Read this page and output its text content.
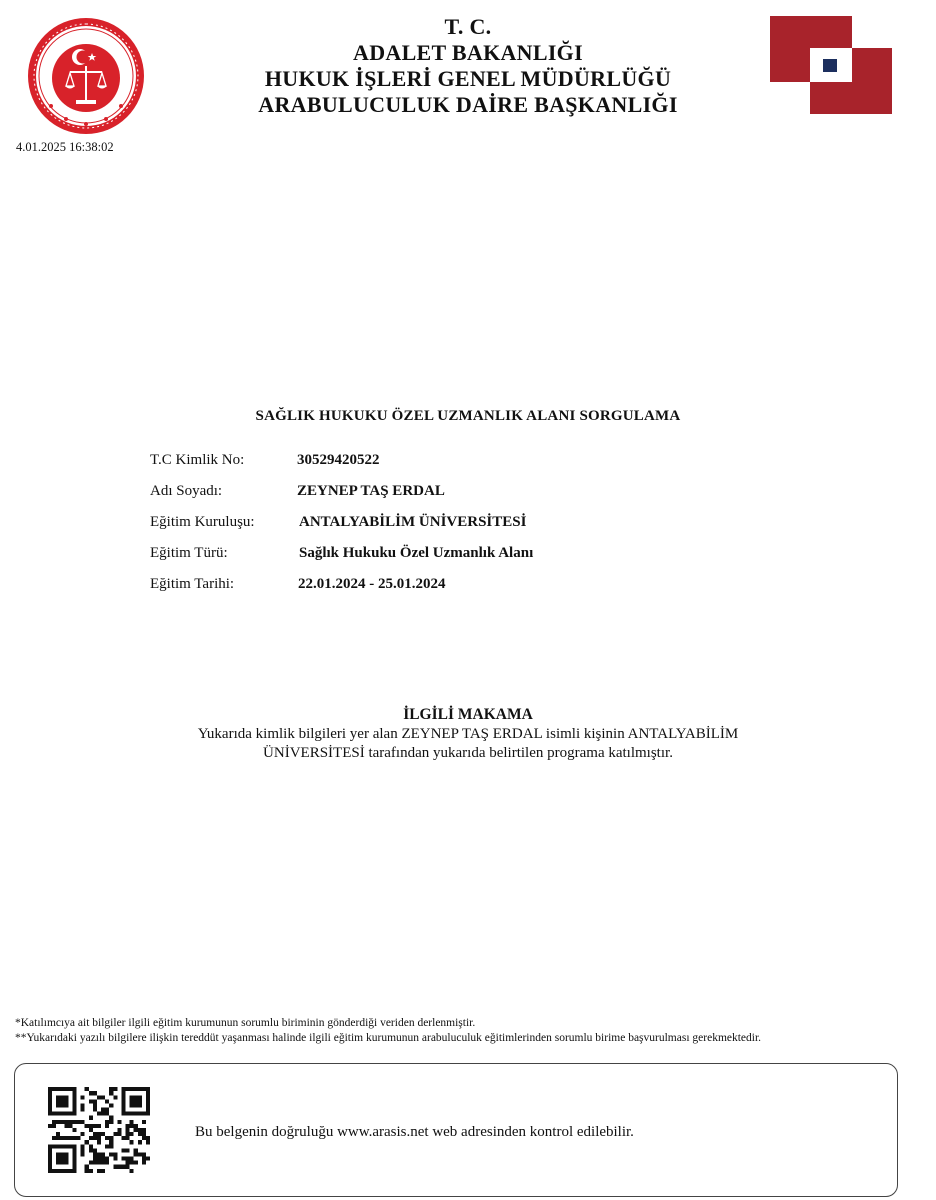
T. C.
ADALET BAKANLIĞI
HUKUK İŞLERİ GENEL MÜDÜRLÜĞÜ
ARABULUCULUK DAİRE BAŞKANLIĞI
4.01.2025 16:38:02
SAĞLIK HUKUKU ÖZEL UZMANLIK ALANI SORGULAMA
T.C Kimlik No:	30529420522
Adı Soyadı:	ZEYNEP TAŞ ERDAL
Eğitim Kuruluşu:	ANTALYABİLİM ÜNİVERSİTESİ
Eğitim Türü:	Sağlık Hukuku Özel Uzmanlık Alanı
Eğitim Tarihi:	22.01.2024 - 25.01.2024
İLGİLİ MAKAMA
Yukarıda kimlik bilgileri yer alan ZEYNEP TAŞ ERDAL isimli kişinin ANTALYABİLİM
ÜNİVERSİTESİ tarafından yukarıda belirtilen programa katılmıştır.
*Katılımcıya ait bilgiler ilgili eğitim kurumunun sorumlu biriminin gönderdiği veriden derlenmiştir.
**Yukarıdaki yazılı bilgilere ilişkin tereddüt yaşanması halinde ilgili eğitim kurumunun arabuluculuk eğitimlerinden sorumlu birime başvurulması gerekmektedir.
Bu belgenin doğruluğu www.arasis.net web adresinden kontrol edilebilir.
